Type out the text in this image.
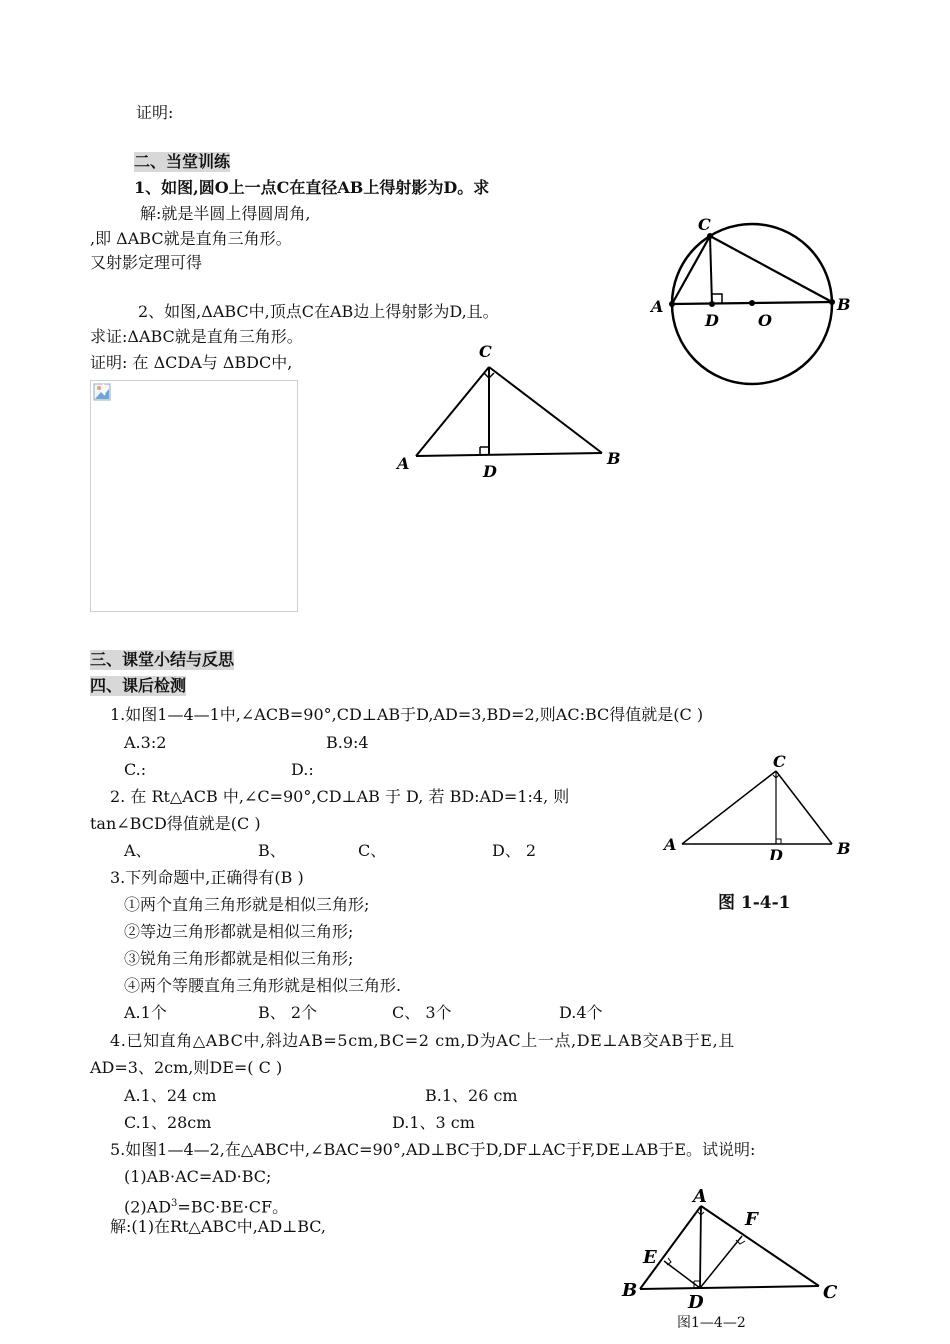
证明:
二、当堂训练
1、如图,圆O上一点C在直径AB上得射影为D。求
解:就是半圆上得圆周角,
,即 ΔABC就是直角三角形。
又射影定理可得
2、如图,ΔABC中,顶点C在AB边上得射影为D,且。
求证:ΔABC就是直角三角形。
证明: 在 ΔCDA与 ΔBDC中,
C
A	B
D O
C
A	B
D
三、课堂小结与反思
四、课后检测
1.如图1—4—1中,∠ACB=90°,CD⊥AB于D,AD=3,BD=2,则AC:BC得值就是(C )
A.3:2	B.9:4
C.:	D.:
2. 在 Rt△ACB 中,∠C=90°,CD⊥AB 于 D, 若 BD:AD=1:4, 则
tan∠BCD得值就是(C )
A、	B、	C、	D、 2
C
A	B
D
图 1-4-1
3.下列命题中,正确得有(B )
①两个直角三角形就是相似三角形;
②等边三角形都就是相似三角形;
③锐角三角形都就是相似三角形;
④两个等腰直角三角形就是相似三角形.
A.1个	B、 2个	C、 3个	D.4个
4.已知直角△ABC中,斜边AB=5cm,BC=2 cm,D为AC上一点,DE⊥AB交AB于E,且
AD=3、2cm,则DE=( C )
A.1、24 cm	B.1、26 cm
C.1、28cm	D.1、3 cm
5.如图1—4—2,在△ABC中,∠BAC=90°,AD⊥BC于D,DF⊥AC于F,DE⊥AB于E。试说明:
(1)AB·AC=AD·BC;
$(2)AD^3=BC\cdot BE\cdot CF$。
解:(1)在Rt△ABC中,AD⊥BC,
A
F
E
B	C
D
图1—4—2
